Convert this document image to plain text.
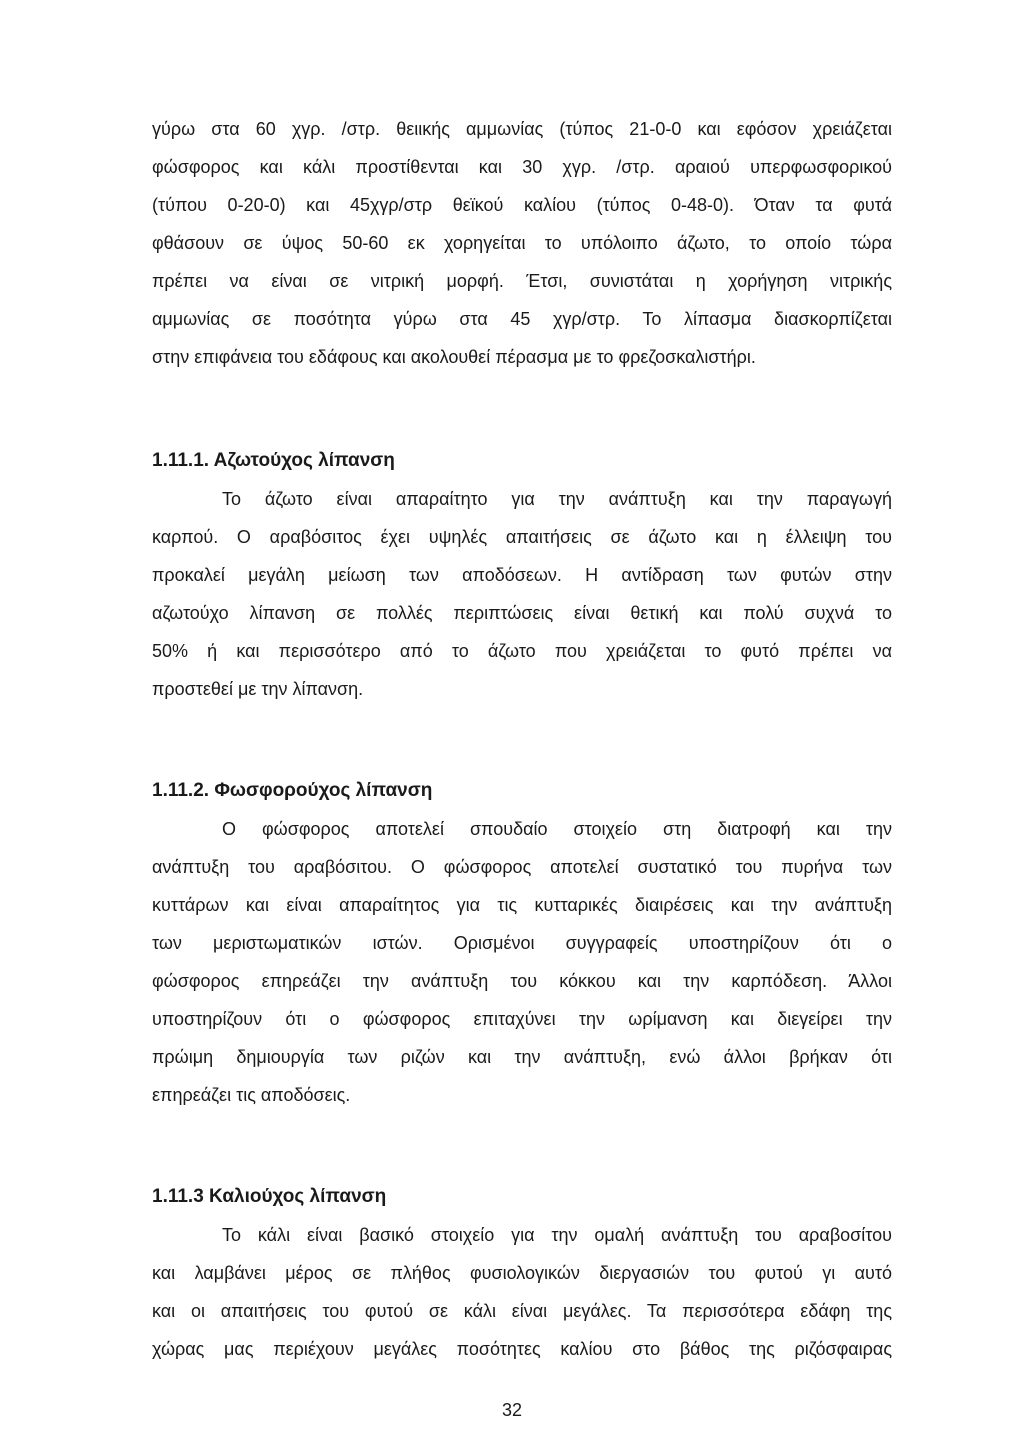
γύρω στα 60 χγρ. /στρ. θειικής αμμωνίας (τύπος 21-0-0 και εφόσον χρειάζεται
φώσφορος και κάλι προστίθενται και 30 χγρ. /στρ. αραιού υπερφωσφορικού
(τύπου 0-20-0) και 45χγρ/στρ θεϊκού καλίου (τύπος 0-48-0). Όταν τα φυτά
φθάσουν σε ύψος 50-60 εκ χορηγείται το υπόλοιπο άζωτο, το οποίο τώρα
πρέπει να είναι σε νιτρική μορφή. Έτσι, συνιστάται η χορήγηση νιτρικής
αμμωνίας σε ποσότητα γύρω στα 45 χγρ/στρ. Το λίπασμα διασκορπίζεται
στην επιφάνεια του εδάφους και ακολουθεί πέρασμα με το φρεζοσκαλιστήρι.
1.11.1. Αζωτούχος λίπανση
Το άζωτο είναι απαραίτητο για την ανάπτυξη και την παραγωγή
καρπού. Ο αραβόσιτος έχει υψηλές απαιτήσεις σε άζωτο και η έλλειψη του
προκαλεί μεγάλη μείωση των αποδόσεων. Η αντίδραση των φυτών στην
αζωτούχο λίπανση σε πολλές περιπτώσεις είναι θετική και πολύ συχνά το
50% ή και περισσότερο από το άζωτο που χρειάζεται το φυτό πρέπει να
προστεθεί με την λίπανση.
1.11.2. Φωσφορούχος λίπανση
Ο φώσφορος αποτελεί σπουδαίο στοιχείο στη διατροφή και την
ανάπτυξη του αραβόσιτου. Ο φώσφορος αποτελεί συστατικό του πυρήνα των
κυττάρων και είναι απαραίτητος για τις κυτταρικές διαιρέσεις και την ανάπτυξη
των μεριστωματικών ιστών. Ορισμένοι συγγραφείς υποστηρίζουν ότι ο
φώσφορος επηρεάζει την ανάπτυξη του κόκκου και την καρπόδεση. Άλλοι
υποστηρίζουν ότι ο φώσφορος επιταχύνει την ωρίμανση και διεγείρει την
πρώιμη δημιουργία των ριζών και την ανάπτυξη, ενώ άλλοι βρήκαν ότι
επηρεάζει τις αποδόσεις.
1.11.3 Καλιούχος λίπανση
Το κάλι είναι βασικό στοιχείο για την ομαλή ανάπτυξη του αραβοσίτου
και λαμβάνει μέρος σε πλήθος φυσιολογικών διεργασιών του φυτού γι αυτό
και οι απαιτήσεις του φυτού σε κάλι είναι μεγάλες. Τα περισσότερα εδάφη της
χώρας μας περιέχουν μεγάλες ποσότητες καλίου στο βάθος της ριζόσφαιρας
32
